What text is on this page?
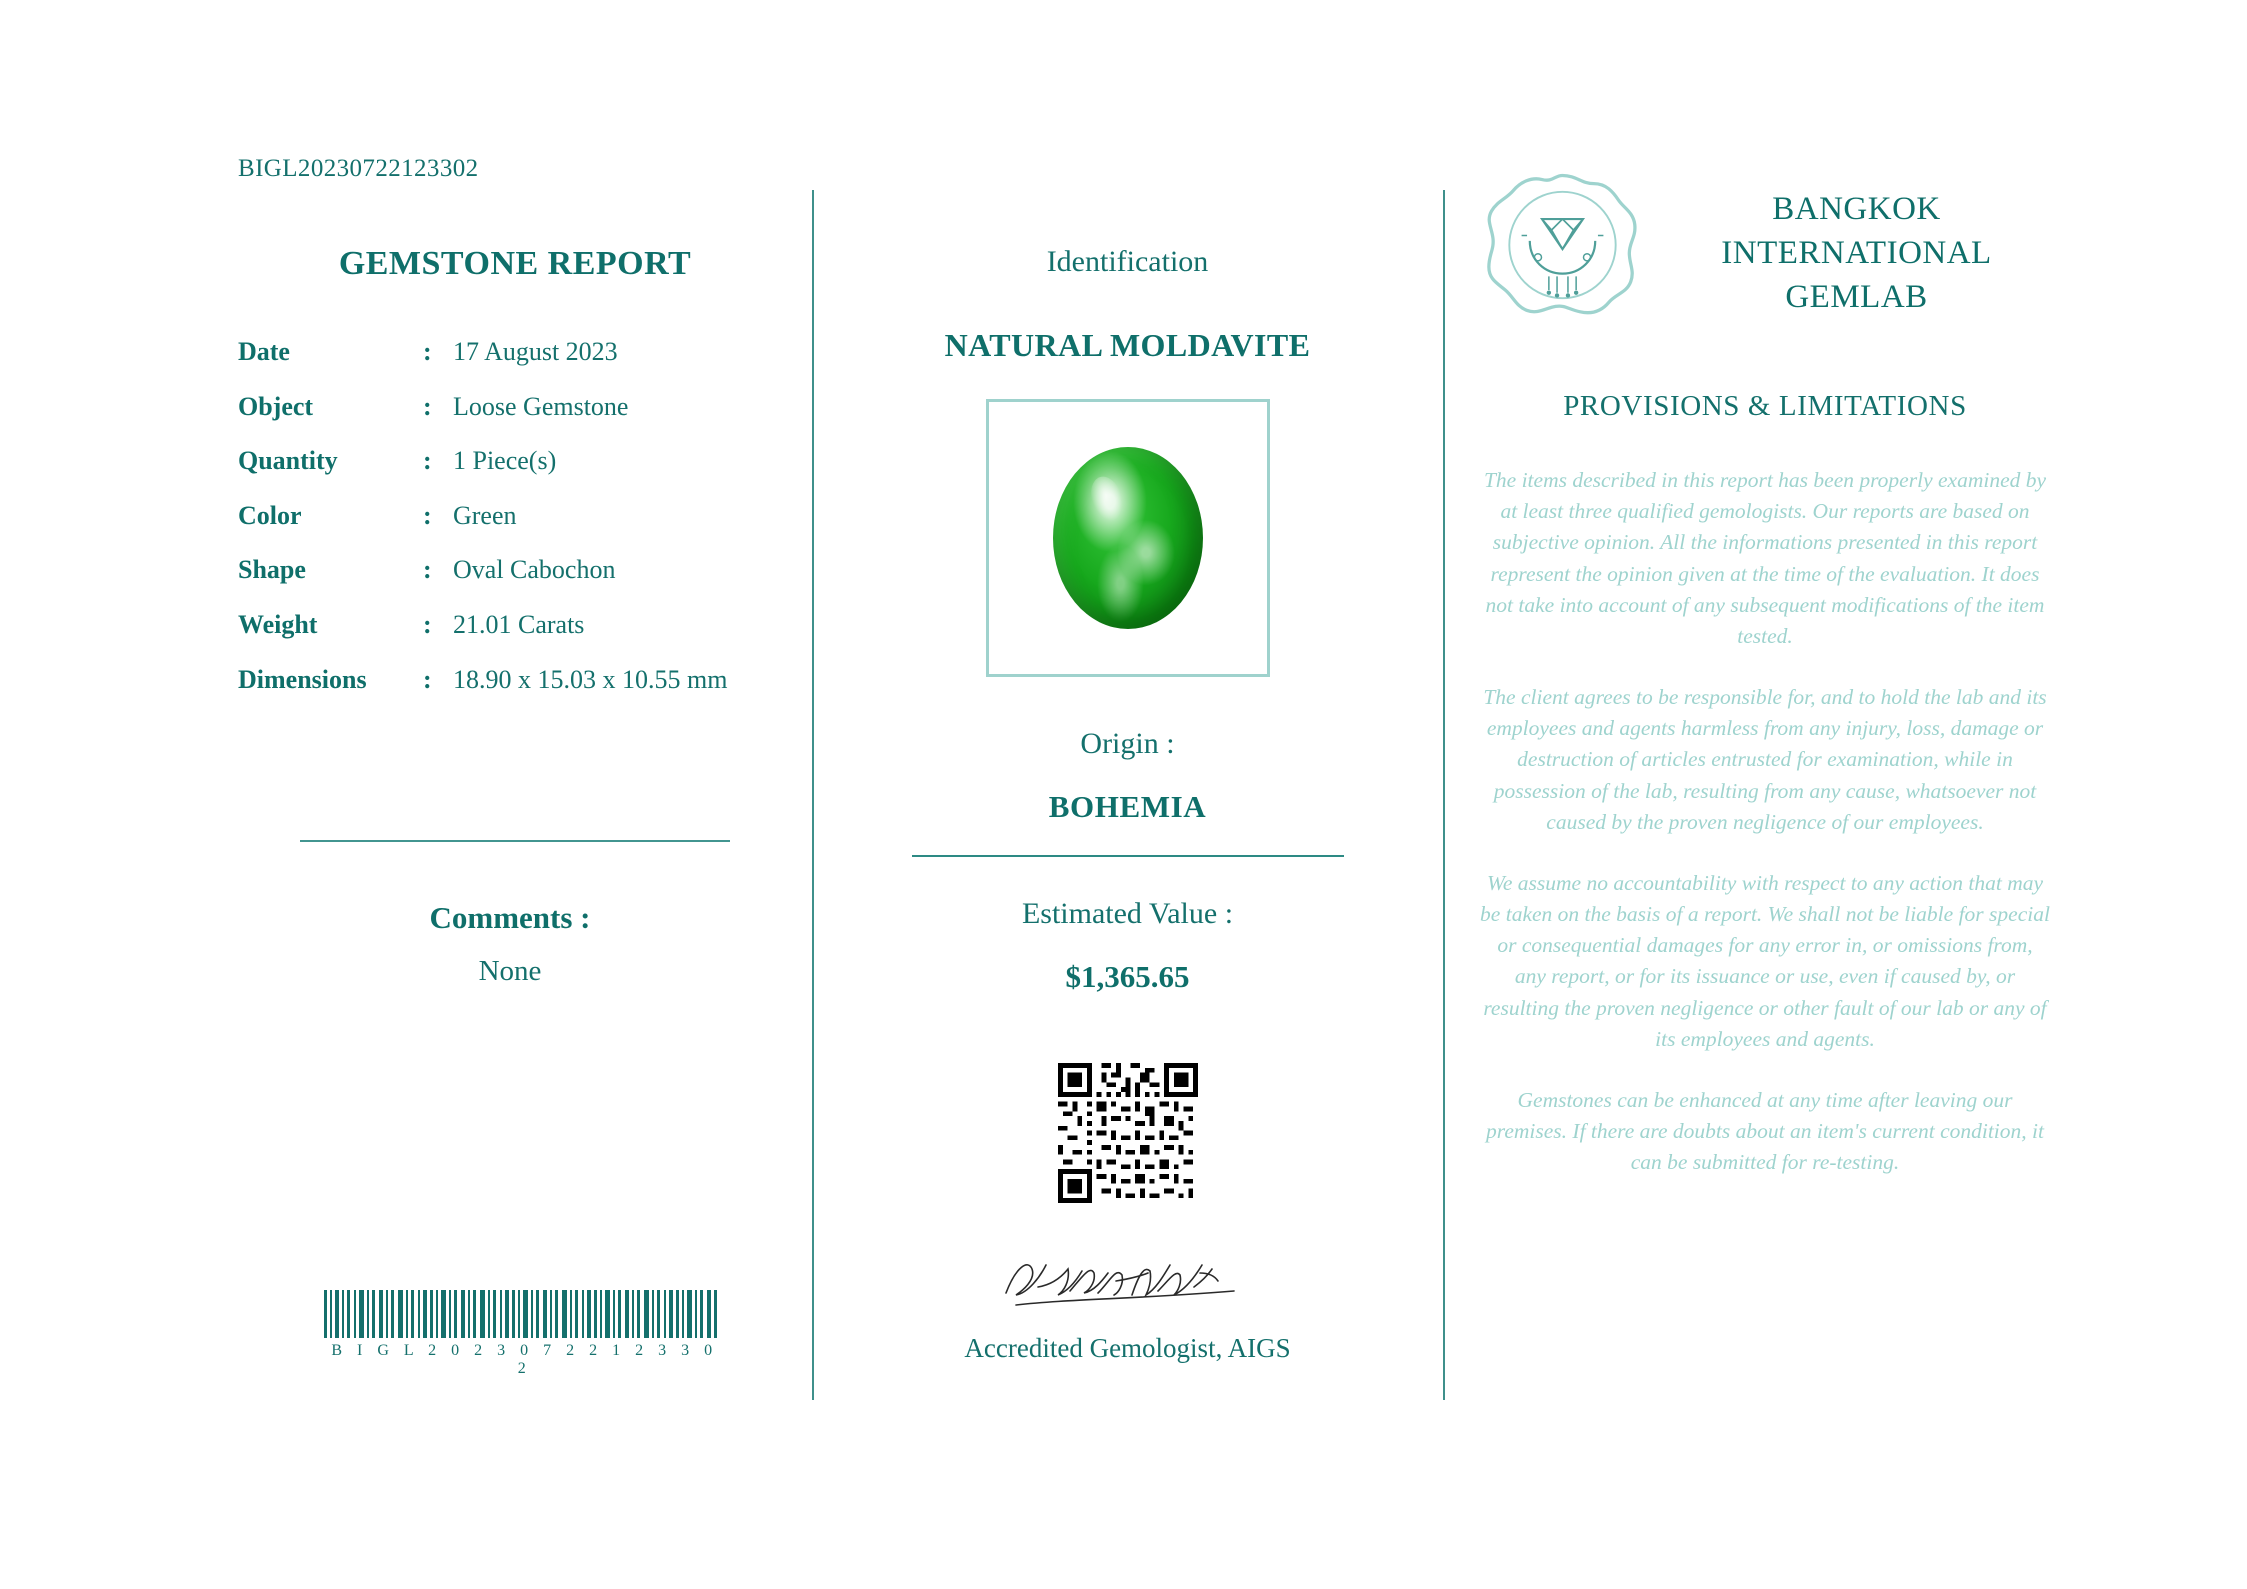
BIGL20230722123302
GEMSTONE REPORT
Date	:	17 August 2023
Object	:	Loose Gemstone
Quantity	:	1 Piece(s)
Color	:	Green
Shape	:	Oval Cabochon
Weight	:	21.01 Carats
Dimensions	:	18.90 x 15.03 x 10.55 mm
Comments :
None
B I G L 2 0 2 3 0 7 2 2 1 2 3 3 0 2
Identification
NATURAL MOLDAVITE
Origin :
BOHEMIA
Estimated Value :
$1,365.65
Accredited Gemologist, AIGS
BANGKOK INTERNATIONAL GEMLAB
PROVISIONS & LIMITATIONS

The items described in this report has been properly examined by at least three qualified gemologists. Our reports are based on subjective opinion. All the informations presented in this report represent the opinion given at the time of the evaluation. It does not take into account of any subsequent modifications of the item tested.

The client agrees to be responsible for, and to hold the lab and its employees and agents harmless from any injury, loss, damage or destruction of articles entrusted for examination, while in possession of the lab, resulting from any cause, whatsoever not caused by the proven negligence of our employees.

We assume no accountability with respect to any action that may be taken on the basis of a report. We shall not be liable for special or consequential damages for any error in, or omissions from, any report, or for its issuance or use, even if caused by, or resulting the proven negligence or other fault of our lab or any of its employees and agents.

Gemstones can be enhanced at any time after leaving our premises. If there are doubts about an item's current condition, it can be submitted for re-testing.
